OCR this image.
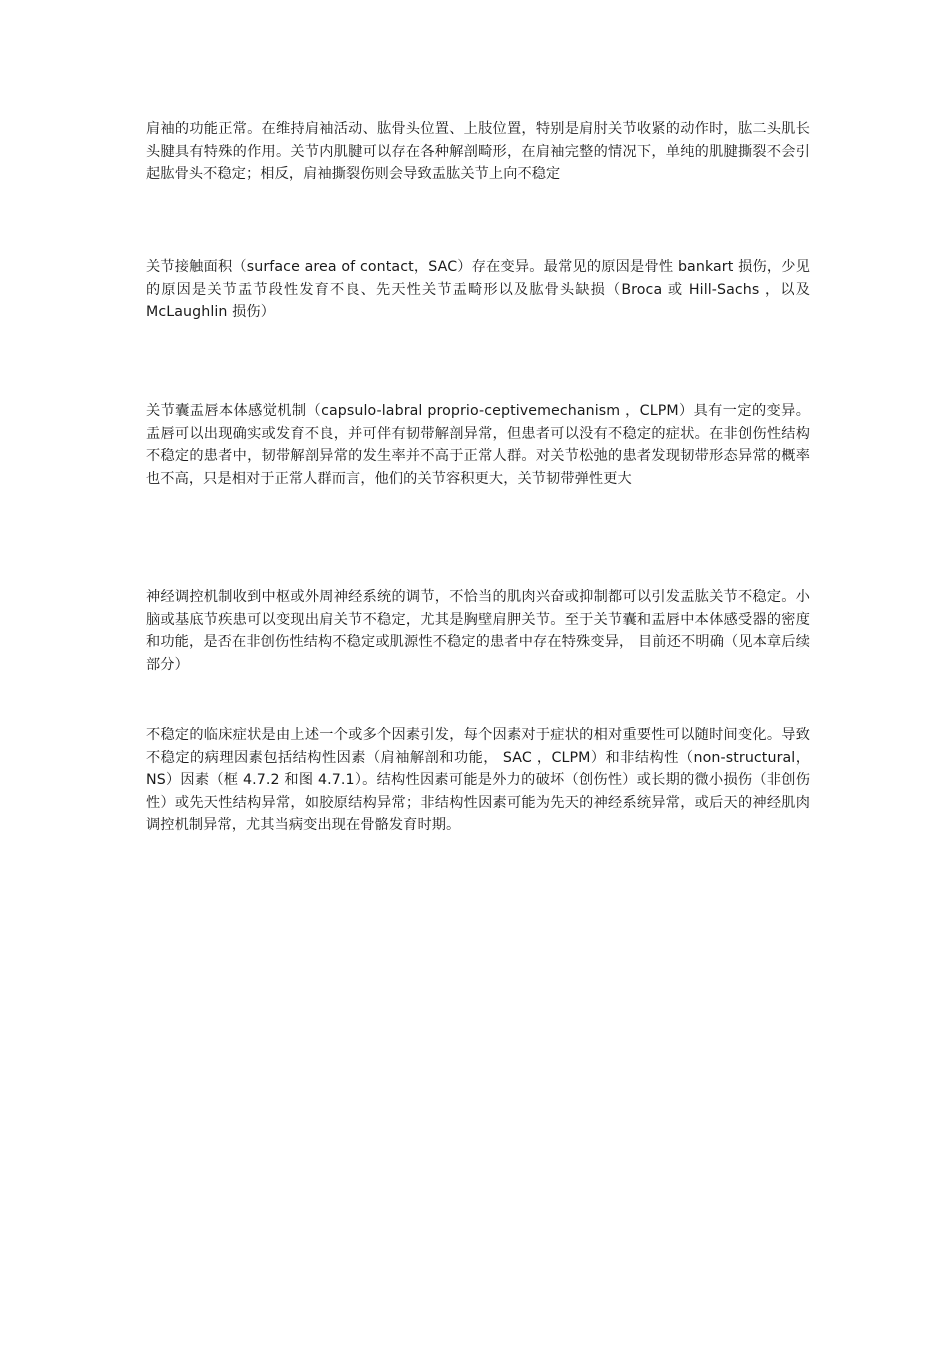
肩袖的功能正常。在维持肩袖活动、肱骨头位置、上肢位置，特别是肩肘关节收紧的动作时，肱二头肌长头腱具有特殊的作用。关节内肌腱可以存在各种解剖畸形，在肩袖完整的情况下，单纯的肌腱撕裂不会引起肱骨头不稳定；相反，肩袖撕裂伤则会导致盂肱关节上向不稳定

关节接触面积（surface area of contact，SAC）存在变异。最常见的原因是骨性 bankart 损伤，少见的原因是关节盂节段性发育不良、先天性关节盂畸形以及肱骨头缺损（Broca 或 Hill-Sachs ，以及 McLaughlin 损伤）

关节囊盂唇本体感觉机制（capsulo-labral proprio-ceptivemechanism ，CLPM）具有一定的变异。盂唇可以出现确实或发育不良，并可伴有韧带解剖异常，但患者可以没有不稳定的症状。在非创伤性结构不稳定的患者中，韧带解剖异常的发生率并不高于正常人群。对关节松弛的患者发现韧带形态异常的概率也不高，只是相对于正常人群而言，他们的关节容积更大，关节韧带弹性更大

神经调控机制收到中枢或外周神经系统的调节，不恰当的肌肉兴奋或抑制都可以引发盂肱关节不稳定。小脑或基底节疾患可以变现出肩关节不稳定，尤其是胸壁肩胛关节。至于关节囊和盂唇中本体感受器的密度和功能，是否在非创伤性结构不稳定或肌源性不稳定的患者中存在特殊变异， 目前还不明确（见本章后续部分）

不稳定的临床症状是由上述一个或多个因素引发，每个因素对于症状的相对重要性可以随时间变化。导致不稳定的病理因素包括结构性因素（肩袖解剖和功能， SAC ，CLPM）和非结构性（non-structural，NS）因素（框 4.7.2 和图 4.7.1）。结构性因素可能是外力的破坏（创伤性）或长期的微小损伤（非创伤性）或先天性结构异常，如胶原结构异常；非结构性因素可能为先天的神经系统异常，或后天的神经肌肉调控机制异常，尤其当病变出现在骨骼发育时期。
